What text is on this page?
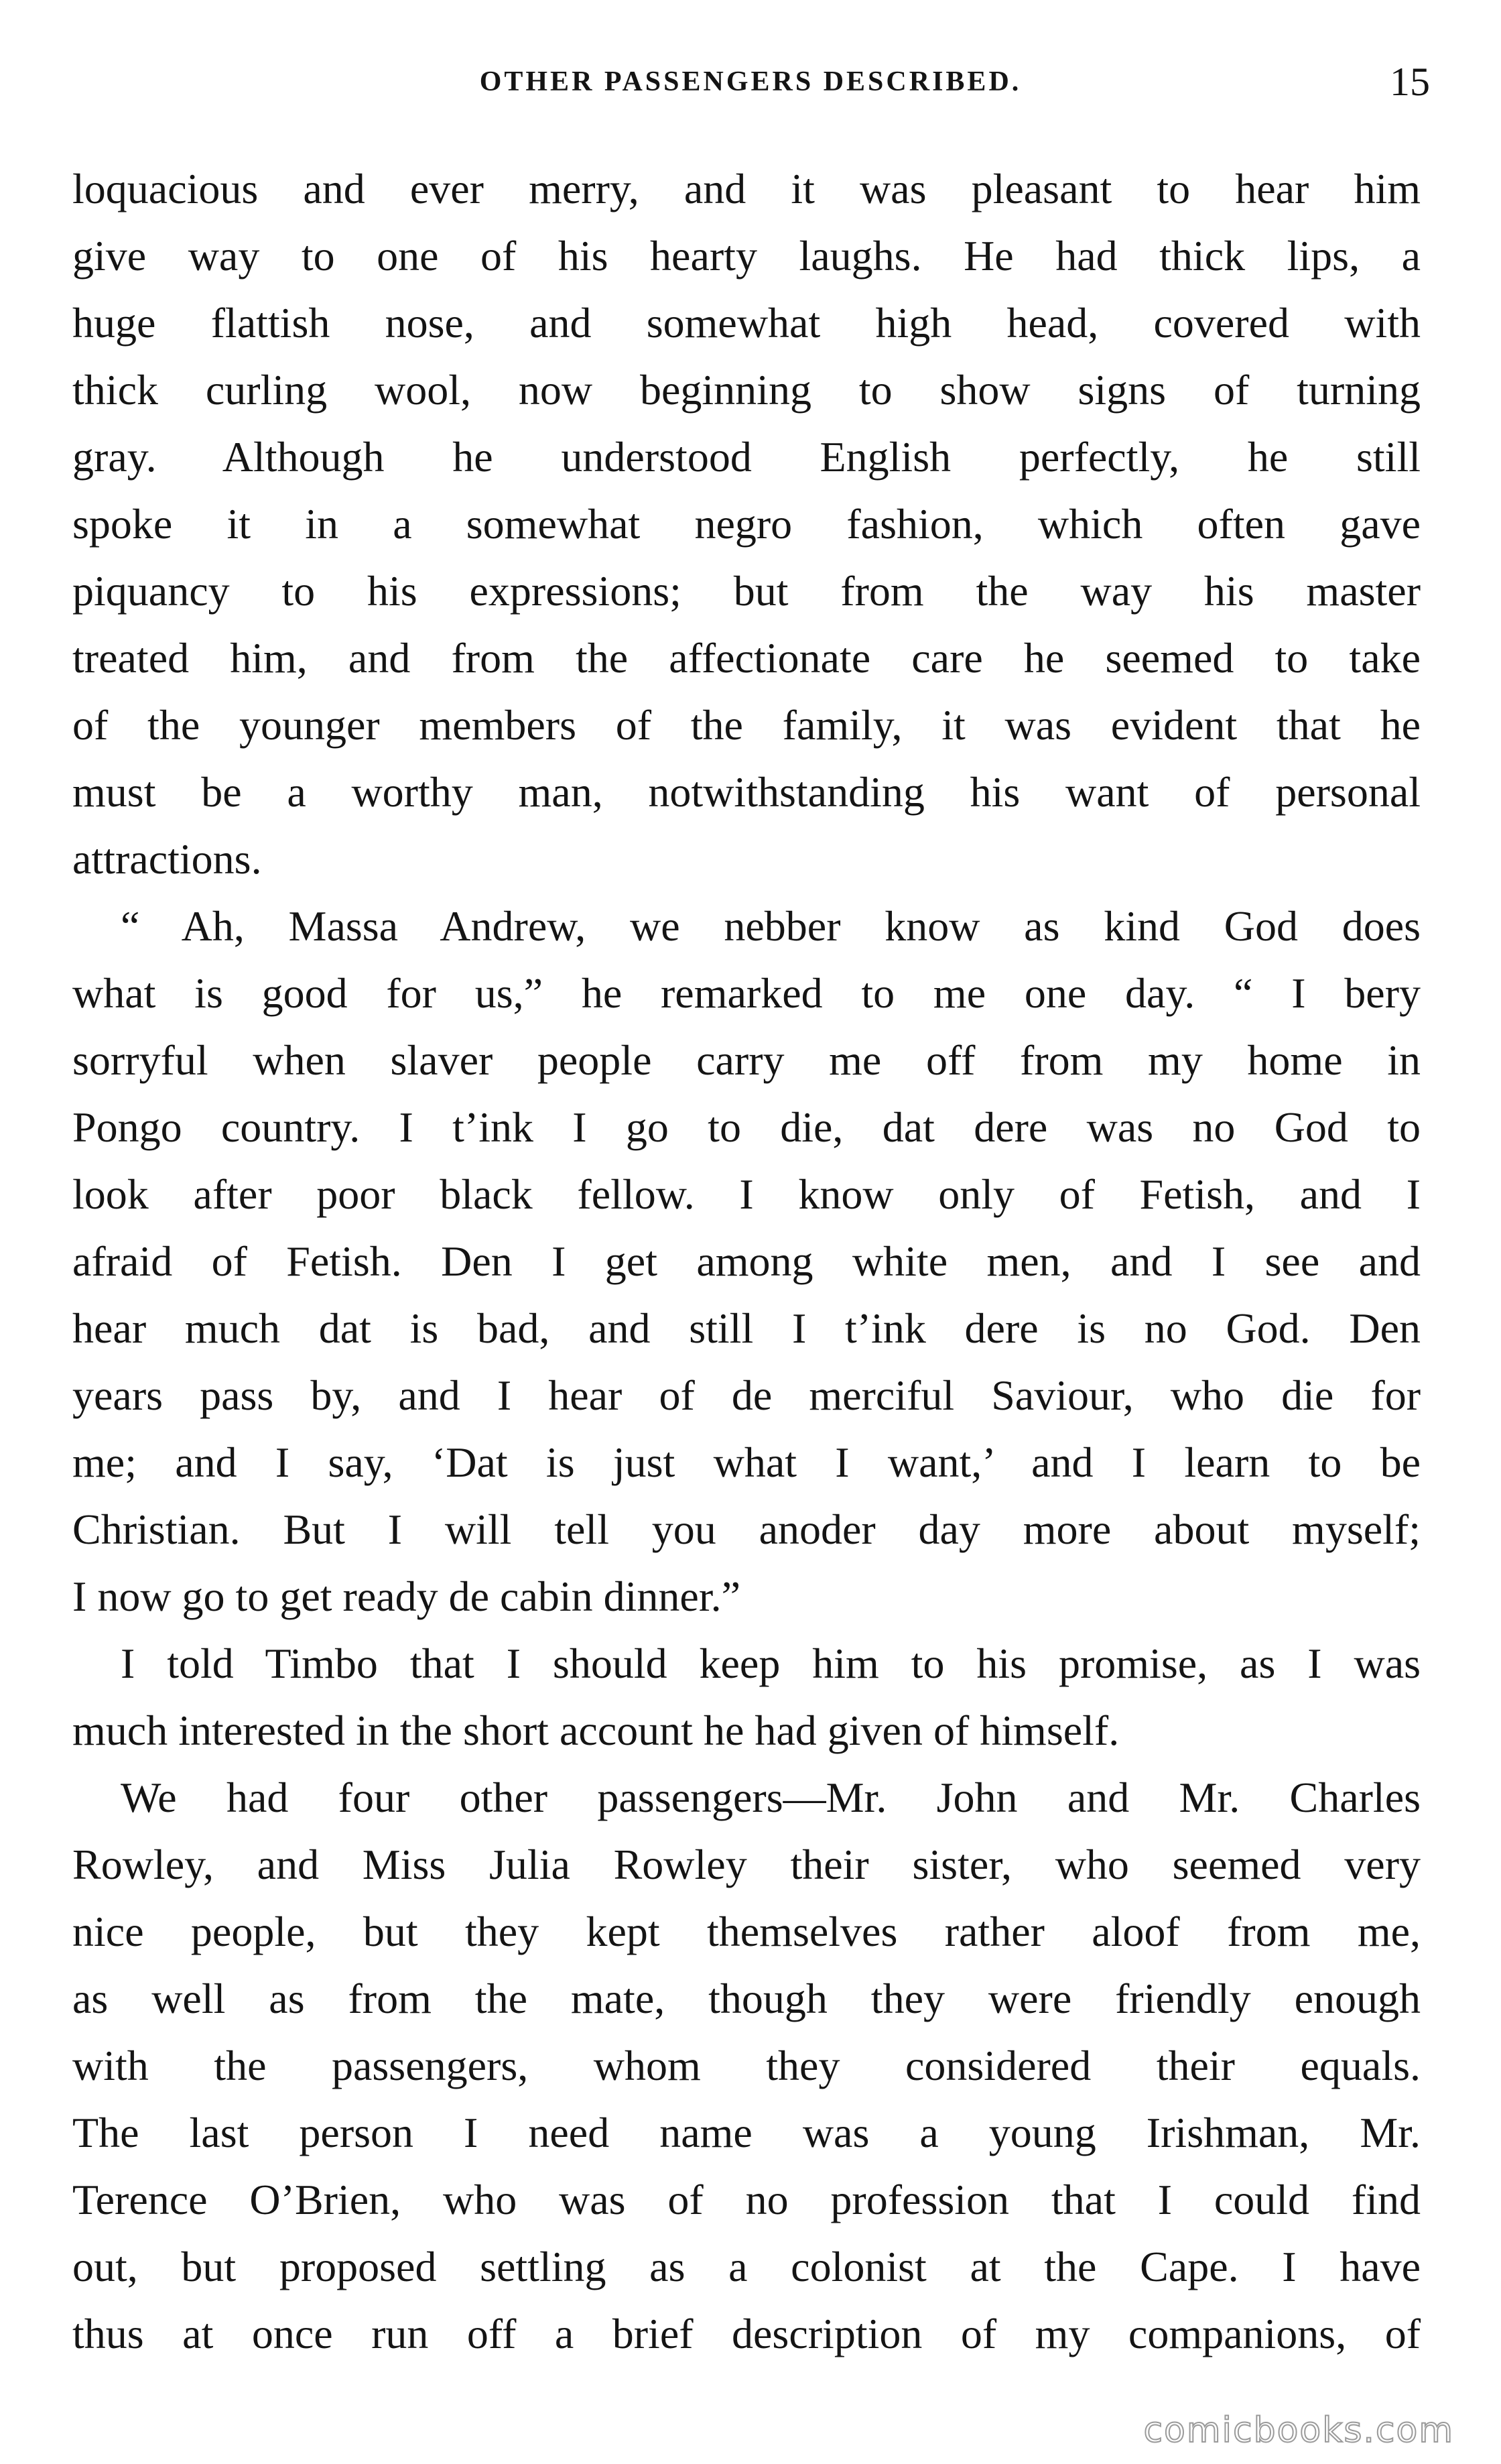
OTHER PASSENGERS DESCRIBED.	15
loquacious and ever merry, and it was pleasant to hear him
give way to one of his hearty laughs. He had thick lips, a
huge flattish nose, and somewhat high head, covered with
thick curling wool, now beginning to show signs of turning
gray. Although he understood English perfectly, he still
spoke it in a somewhat negro fashion, which often gave
piquancy to his expressions; but from the way his master
treated him, and from the affectionate care he seemed to take
of the younger members of the family, it was evident that he
must be a worthy man, notwithstanding his want of personal
attractions.
“ Ah, Massa Andrew, we nebber know as kind God does
what is good for us,” he remarked to me one day. “ I bery
sorryful when slaver people carry me off from my home in
Pongo country. I t’ink I go to die, dat dere was no God to
look after poor black fellow. I know only of Fetish, and I
afraid of Fetish. Den I get among white men, and I see and
hear much dat is bad, and still I t’ink dere is no God. Den
years pass by, and I hear of de merciful Saviour, who die for
me; and I say, ‘Dat is just what I want,’ and I learn to be
Christian. But I will tell you anoder day more about myself;
I now go to get ready de cabin dinner.”
I told Timbo that I should keep him to his promise, as I was
much interested in the short account he had given of himself.
We had four other passengers—Mr. John and Mr. Charles
Rowley, and Miss Julia Rowley their sister, who seemed very
nice people, but they kept themselves rather aloof from me,
as well as from the mate, though they were friendly enough
with the passengers, whom they considered their equals.
The last person I need name was a young Irishman, Mr.
Terence O’Brien, who was of no profession that I could find
out, but proposed settling as a colonist at the Cape. I have
thus at once run off a brief description of my companions, of
comicbooks.com
